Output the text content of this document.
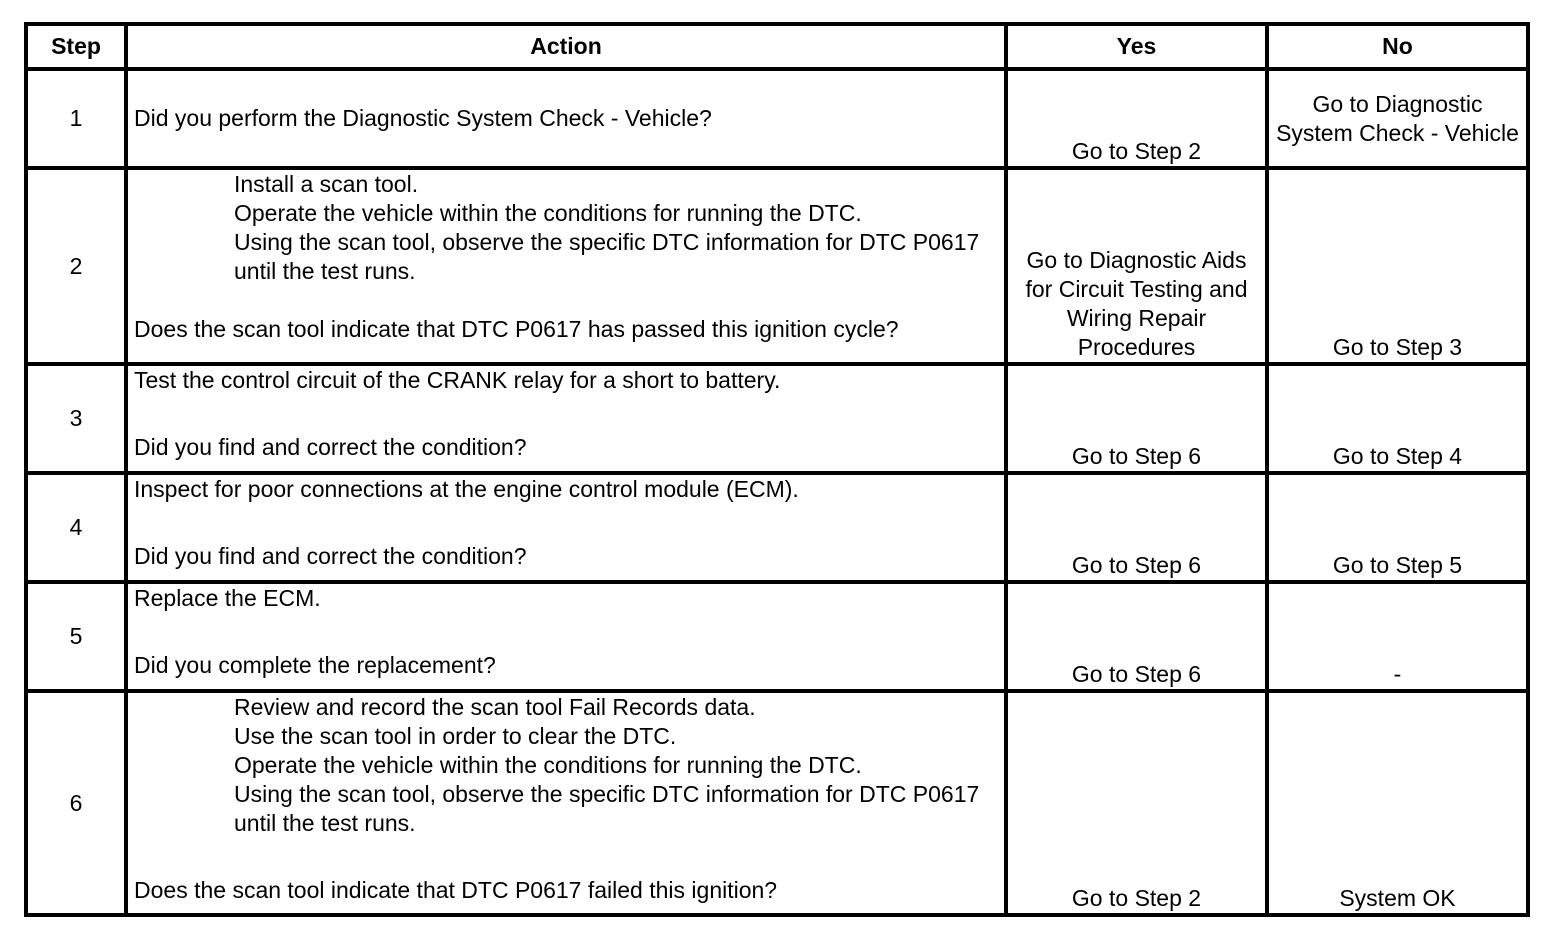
Step	Action	Yes	No
1	Did you perform the Diagnostic System Check - Vehicle?	Go to Step 2	Go to Diagnostic System Check - Vehicle
2	Install a scan tool.
Operate the vehicle within the conditions for running the DTC.
Using the scan tool, observe the specific DTC information for DTC P0617 until the test runs.
Does the scan tool indicate that DTC P0617 has passed this ignition cycle?	Go to Diagnostic Aids for Circuit Testing and Wiring Repair Procedures	Go to Step 3
3	Test the control circuit of the CRANK relay for a short to battery.
Did you find and correct the condition?	Go to Step 6	Go to Step 4
4	Inspect for poor connections at the engine control module (ECM).
Did you find and correct the condition?	Go to Step 6	Go to Step 5
5	Replace the ECM.
Did you complete the replacement?	Go to Step 6	-
6	Review and record the scan tool Fail Records data.
Use the scan tool in order to clear the DTC.
Operate the vehicle within the conditions for running the DTC.
Using the scan tool, observe the specific DTC information for DTC P0617 until the test runs.
Does the scan tool indicate that DTC P0617 failed this ignition?	Go to Step 2	System OK
